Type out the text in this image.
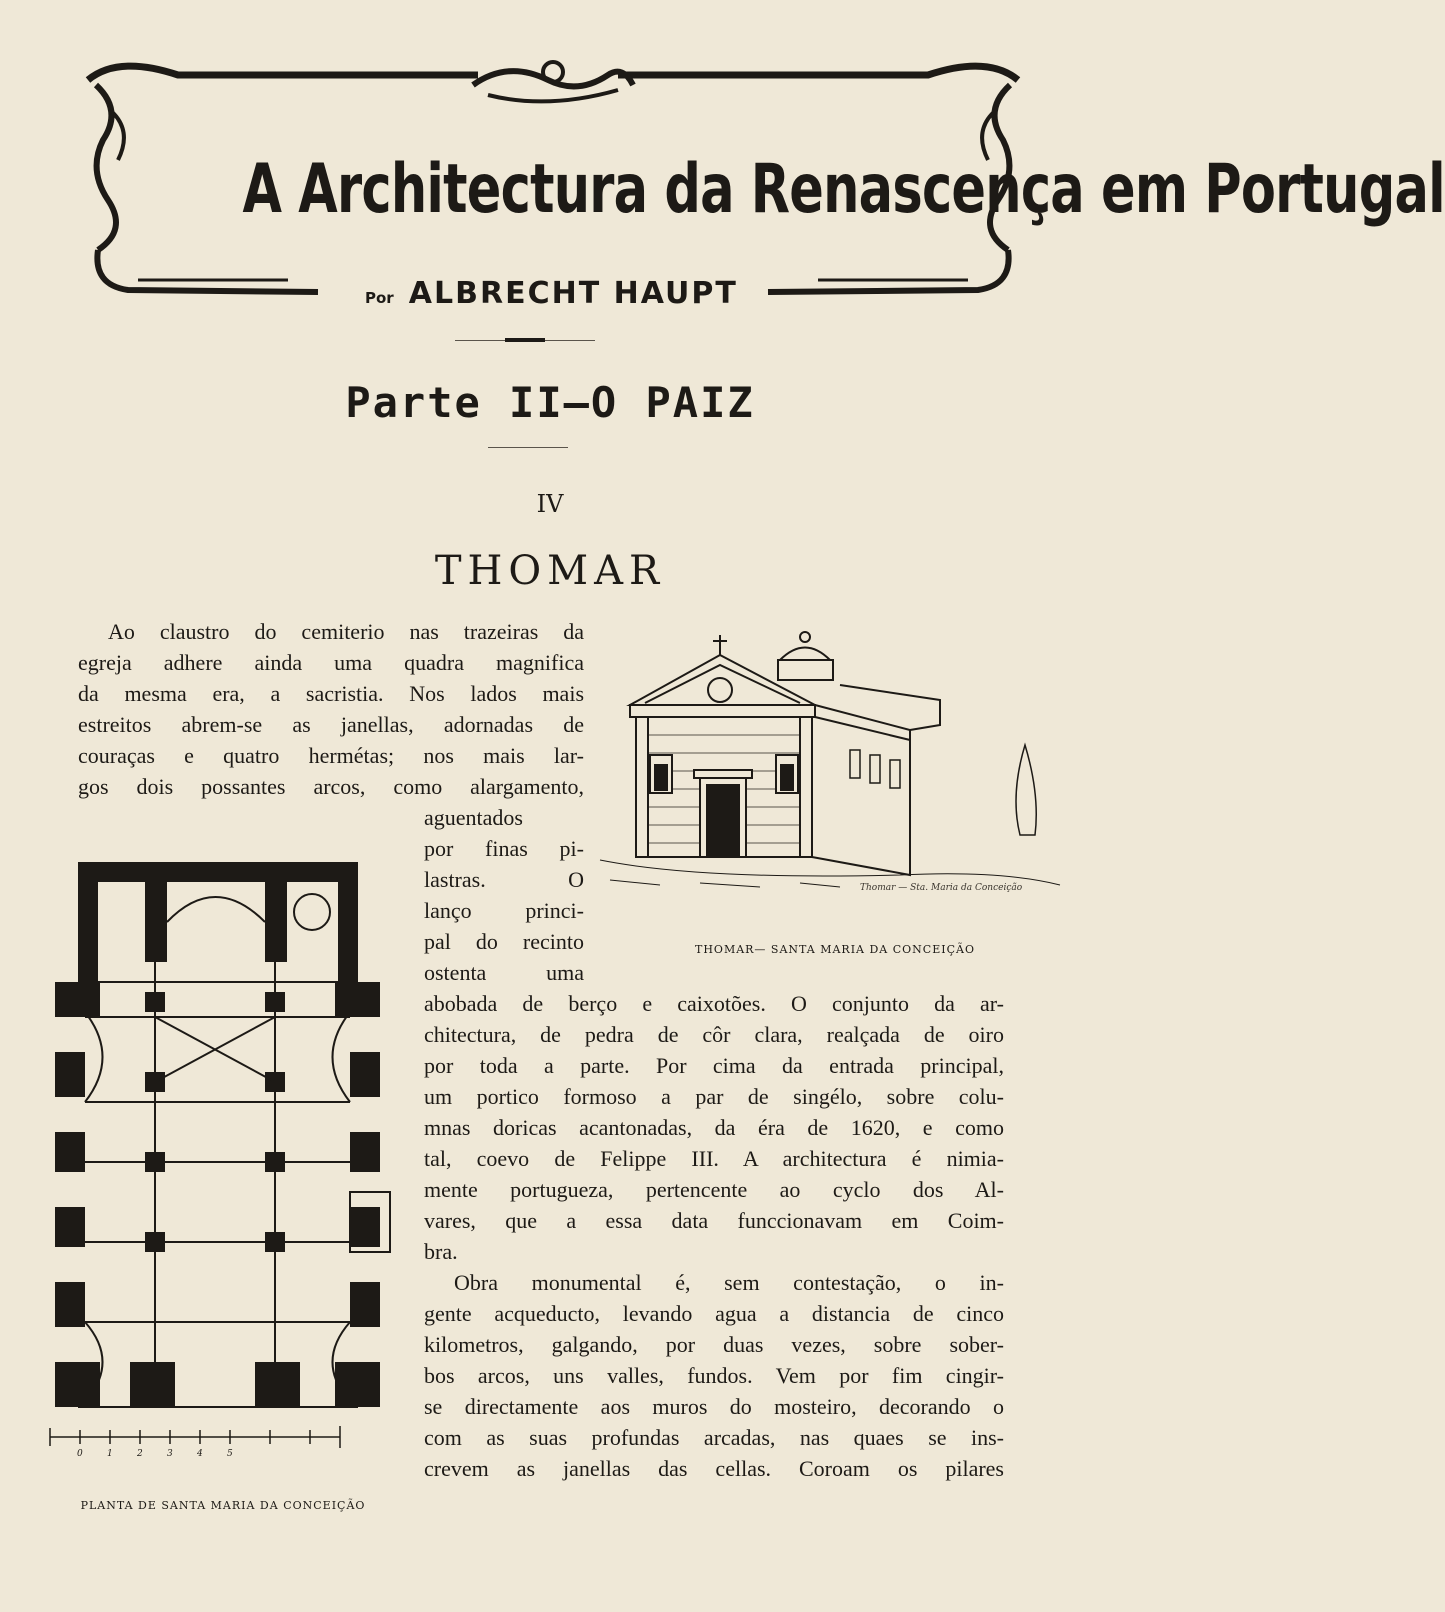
A Architectura da Renascença em Portugal
Por ALBRECHT HAUPT
Parte II—O PAIZ
IV
THOMAR
Ao claustro do cemiterio nas trazeiras da
egreja adhere ainda uma quadra magnifica
da mesma era, a sacristia. Nos lados mais
estreitos abrem-se as janellas, adornadas de
couraças e quatro hermétas; nos mais lar-
gos dois possantes arcos, como alargamento,
aguentados
por finas pi-
lastras. O
lanço princi-
pal do recinto
ostenta uma
abobada de berço e caixotões. O conjunto da ar-
chitectura, de pedra de côr clara, realçada de oiro
por toda a parte. Por cima da entrada principal,
um portico formoso a par de singélo, sobre colu-
mnas doricas acantonadas, da éra de 1620, e como
tal, coevo de Felippe III. A architectura é nimia-
mente portugueza, pertencente ao cyclo dos Al-
vares, que a essa data funccionavam em Coim-
bra.
Obra monumental é, sem contestação, o in-
gente acqueducto, levando agua a distancia de cinco
kilometros, galgando, por duas vezes, sobre sober-
bos arcos, uns valles, fundos. Vem por fim cingir-
se directamente aos muros do mosteiro, decorando o
com as suas profundas arcadas, nas quaes se ins-
crevem as janellas das cellas. Coroam os pilares
Thomar — Sta. Maria da Conceição
THOMAR— SANTA MARIA DA CONCEIÇÃO
0	1	2	3	4	5
PLANTA DE SANTA MARIA DA CONCEIÇÃO
